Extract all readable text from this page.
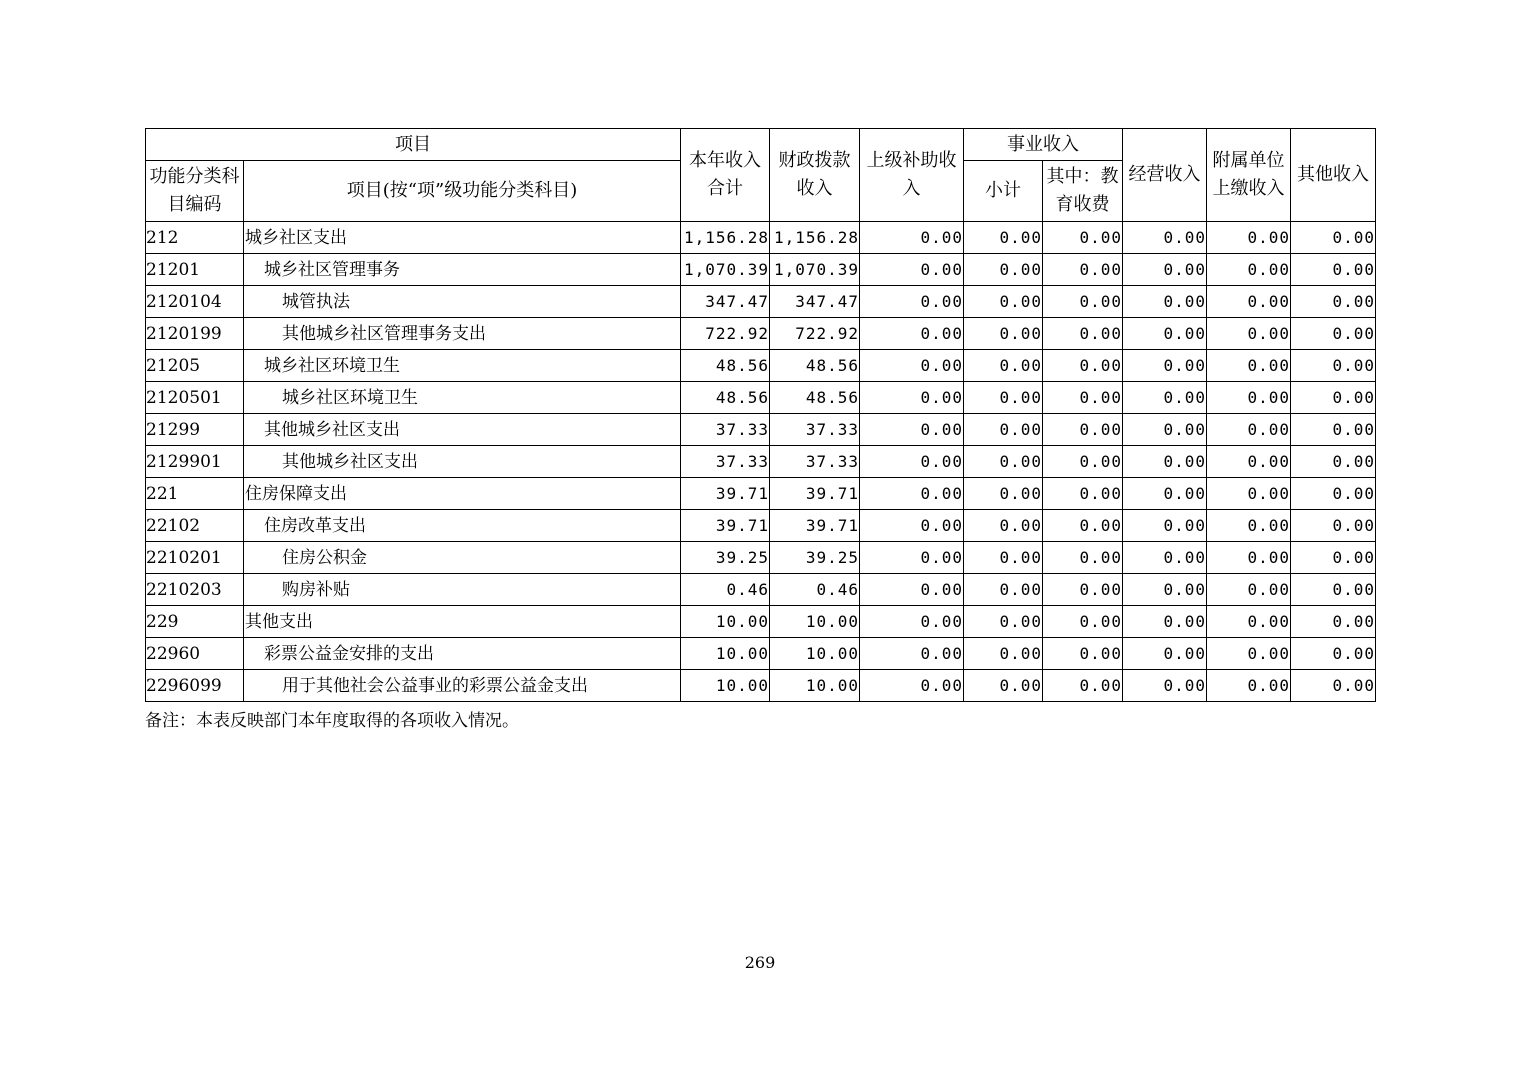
项目		本年收入合计	财政拨款收入	上级补助收入	事业收入		经营收入	附属单位上缴收入	其他收入
功能分类科目编码	项目(按“项”级功能分类科目)				小计	其中：教育收费			
212	城乡社区支出	1,156.28	1,156.28	0.00	0.00	0.00	0.00	0.00	0.00
21201	城乡社区管理事务	1,070.39	1,070.39	0.00	0.00	0.00	0.00	0.00	0.00
2120104	城管执法	347.47	347.47	0.00	0.00	0.00	0.00	0.00	0.00
2120199	其他城乡社区管理事务支出	722.92	722.92	0.00	0.00	0.00	0.00	0.00	0.00
21205	城乡社区环境卫生	48.56	48.56	0.00	0.00	0.00	0.00	0.00	0.00
2120501	城乡社区环境卫生	48.56	48.56	0.00	0.00	0.00	0.00	0.00	0.00
21299	其他城乡社区支出	37.33	37.33	0.00	0.00	0.00	0.00	0.00	0.00
2129901	其他城乡社区支出	37.33	37.33	0.00	0.00	0.00	0.00	0.00	0.00
221	住房保障支出	39.71	39.71	0.00	0.00	0.00	0.00	0.00	0.00
22102	住房改革支出	39.71	39.71	0.00	0.00	0.00	0.00	0.00	0.00
2210201	住房公积金	39.25	39.25	0.00	0.00	0.00	0.00	0.00	0.00
2210203	购房补贴	0.46	0.46	0.00	0.00	0.00	0.00	0.00	0.00
229	其他支出	10.00	10.00	0.00	0.00	0.00	0.00	0.00	0.00
22960	彩票公益金安排的支出	10.00	10.00	0.00	0.00	0.00	0.00	0.00	0.00
2296099	用于其他社会公益事业的彩票公益金支出	10.00	10.00	0.00	0.00	0.00	0.00	0.00	0.00
备注：本表反映部门本年度取得的各项收入情况。
269
